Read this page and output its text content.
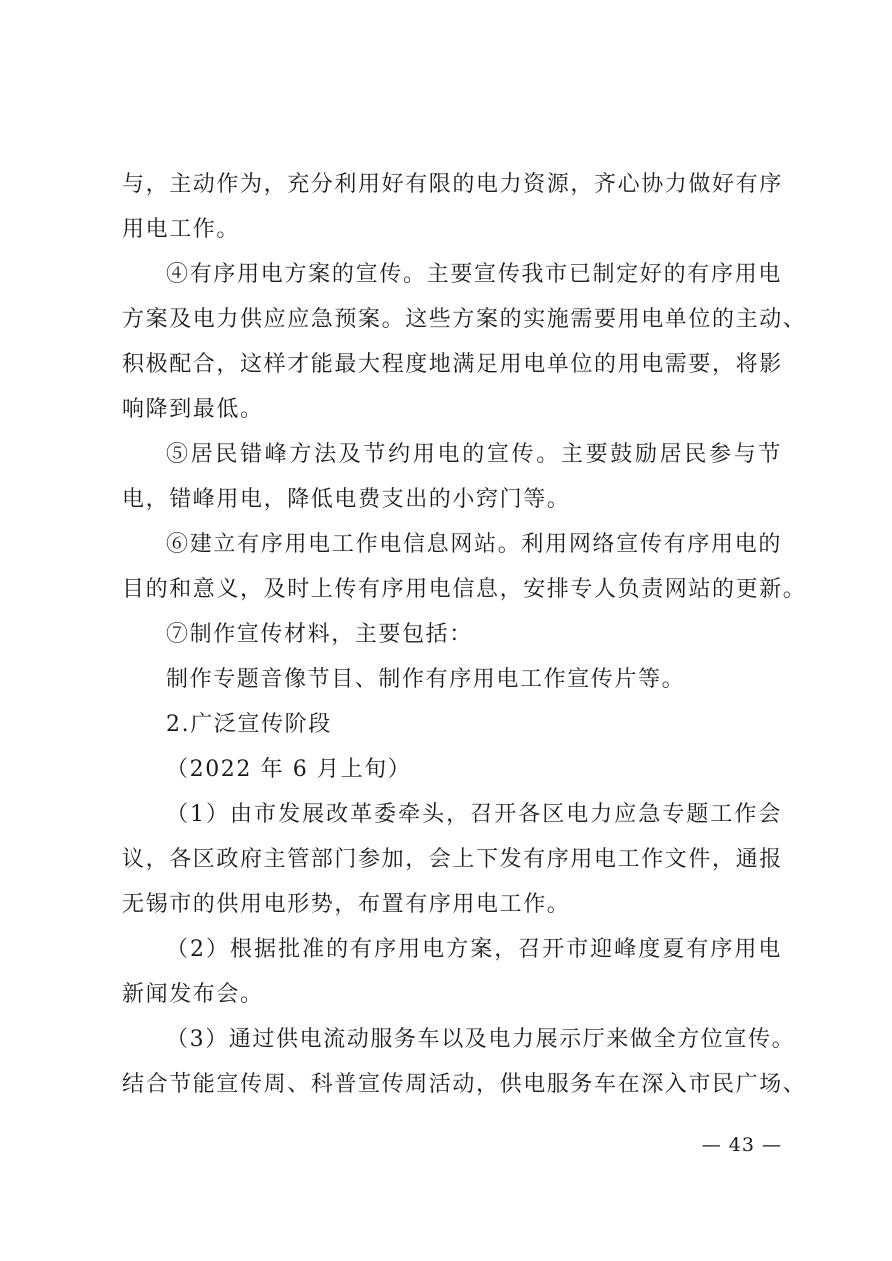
与，主动作为，充分利用好有限的电力资源，齐心协力做好有序
用电工作。
④有序用电方案的宣传。主要宣传我市已制定好的有序用电
方案及电力供应应急预案。这些方案的实施需要用电单位的主动、
积极配合，这样才能最大程度地满足用电单位的用电需要，将影
响降到最低。
⑤居民错峰方法及节约用电的宣传。主要鼓励居民参与节
电，错峰用电，降低电费支出的小窍门等。
⑥建立有序用电工作电信息网站。利用网络宣传有序用电的
目的和意义，及时上传有序用电信息，安排专人负责网站的更新。
⑦制作宣传材料，主要包括：
制作专题音像节目、制作有序用电工作宣传片等。
2.广泛宣传阶段
（2022 年 6 月上旬）
（1）由市发展改革委牵头，召开各区电力应急专题工作会
议，各区政府主管部门参加，会上下发有序用电工作文件，通报
无锡市的供用电形势，布置有序用电工作。
（2）根据批准的有序用电方案，召开市迎峰度夏有序用电
新闻发布会。
（3）通过供电流动服务车以及电力展示厅来做全方位宣传。
结合节能宣传周、科普宣传周活动，供电服务车在深入市民广场、
— 43 —
